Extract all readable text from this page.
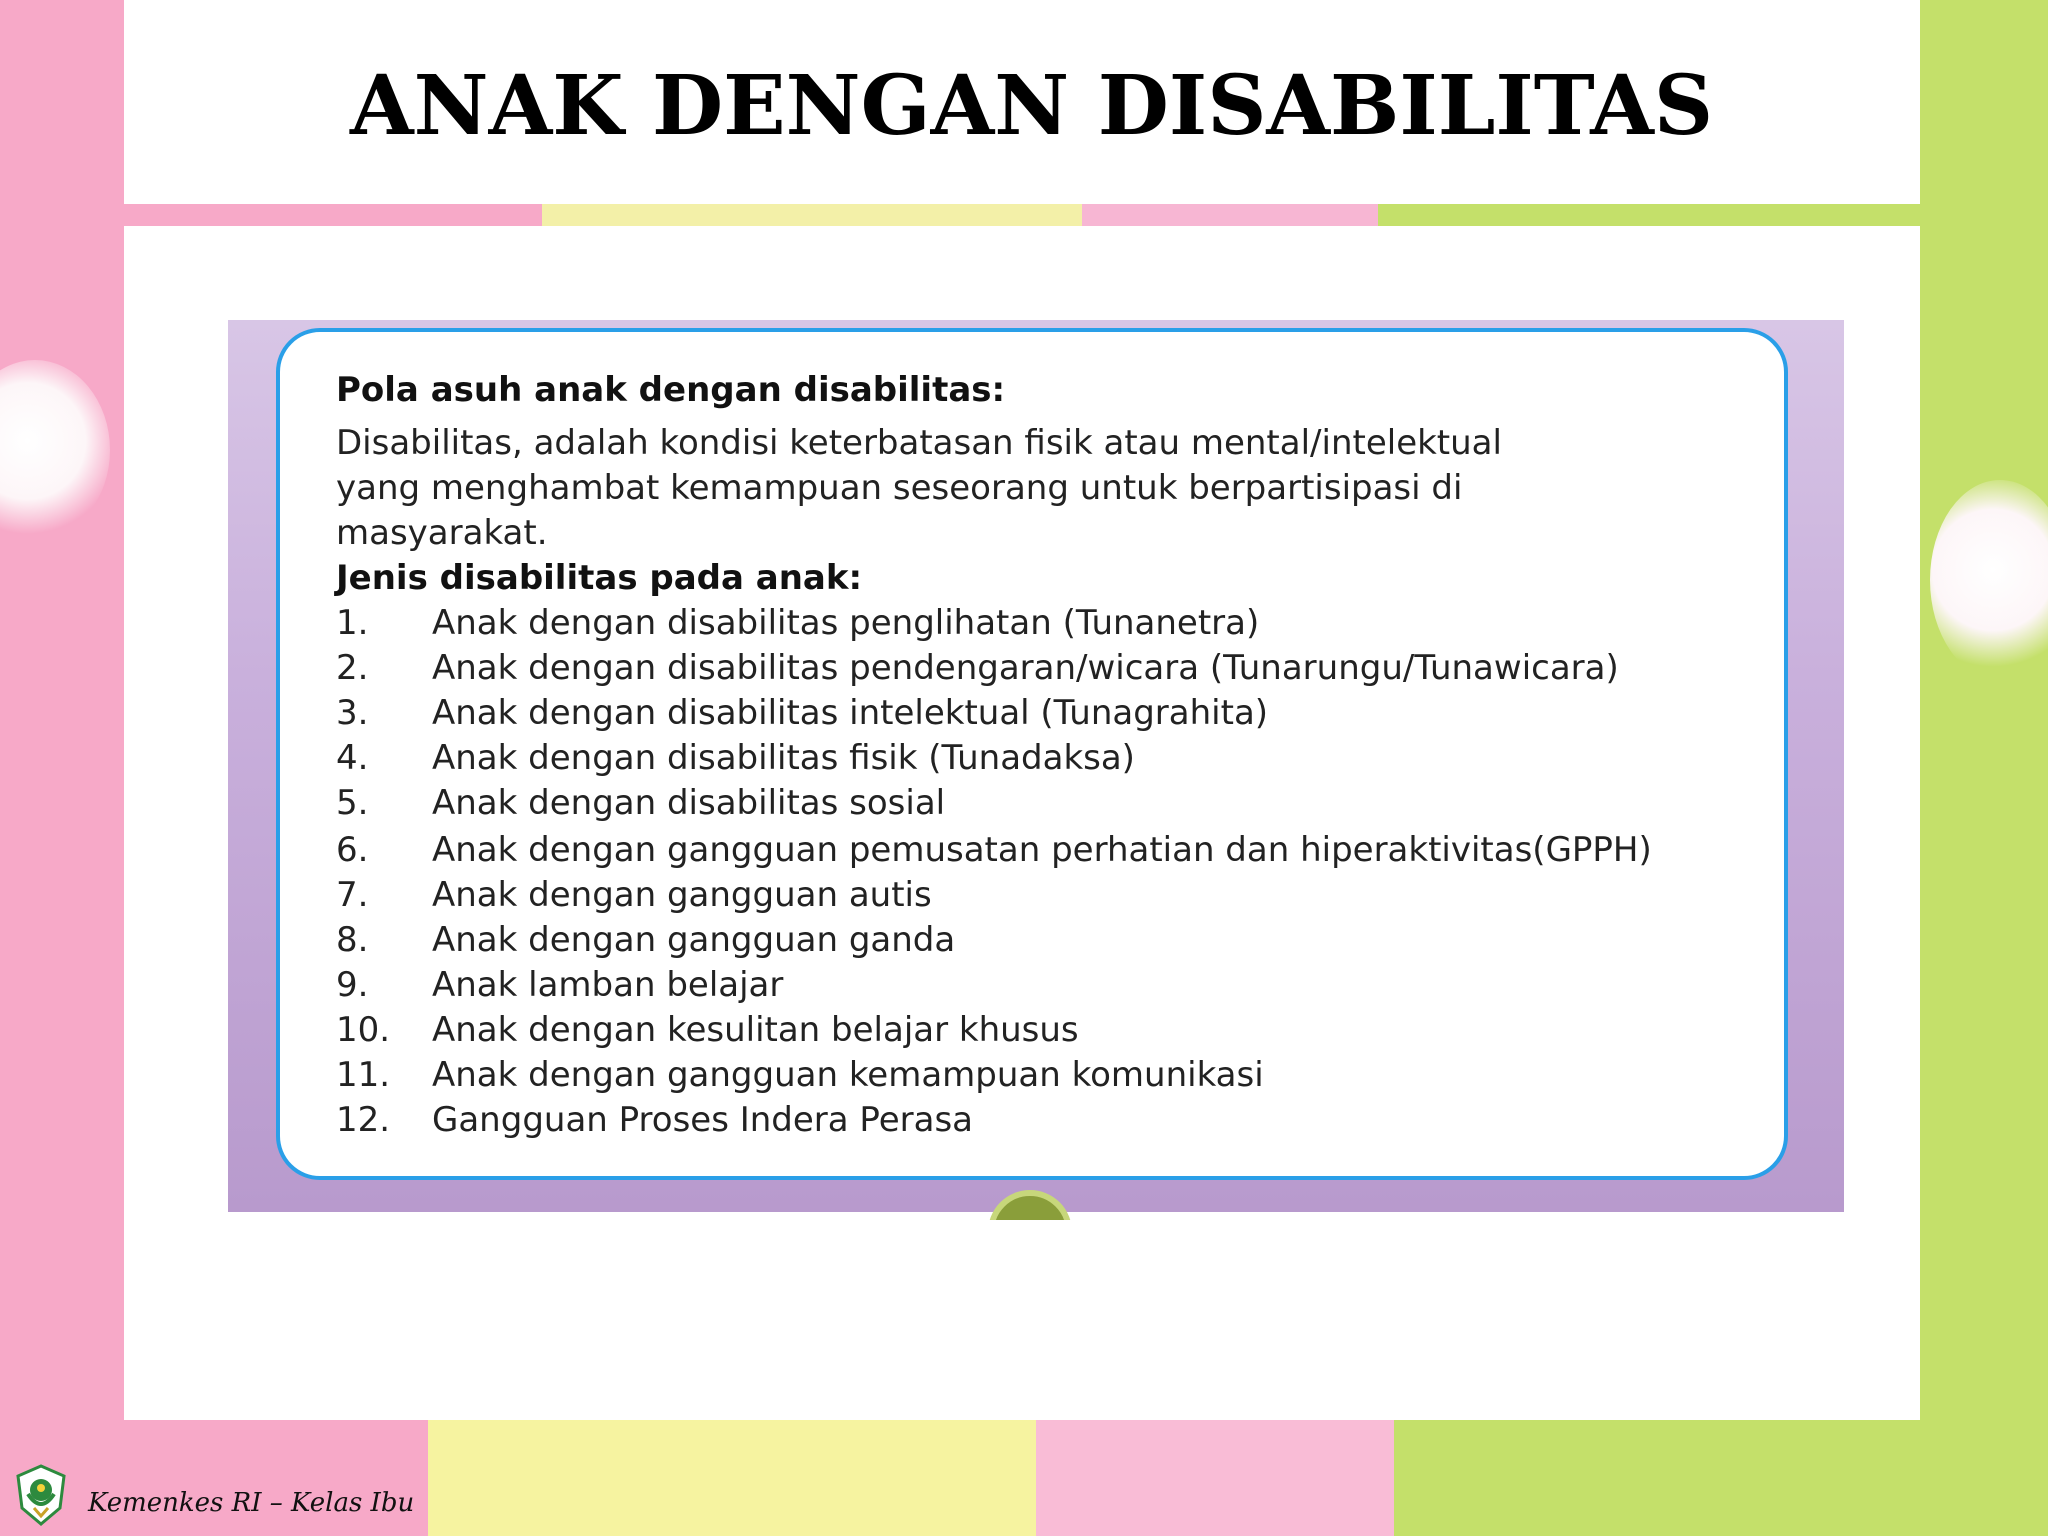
ANAK DENGAN DISABILITAS
Pola asuh anak dengan disabilitas:
Disabilitas, adalah kondisi keterbatasan fisik atau mental/intelektual
yang menghambat kemampuan seseorang untuk berpartisipasi di
masyarakat.
Jenis disabilitas pada anak:
1.	Anak dengan disabilitas penglihatan (Tunanetra)
2.	Anak dengan disabilitas pendengaran/wicara (Tunarungu/Tunawicara)
3.	Anak dengan disabilitas intelektual (Tunagrahita)
4.	Anak dengan disabilitas fisik (Tunadaksa)
5.	Anak dengan disabilitas sosial
6.	Anak dengan gangguan pemusatan perhatian dan hiperaktivitas(GPPH)
7.	Anak dengan gangguan autis
8.	Anak dengan gangguan ganda
9.	Anak lamban belajar
10.	Anak dengan kesulitan belajar khusus
11.	Anak dengan gangguan kemampuan komunikasi
12.	Gangguan Proses Indera Perasa
Kemenkes RI – Kelas Ibu
